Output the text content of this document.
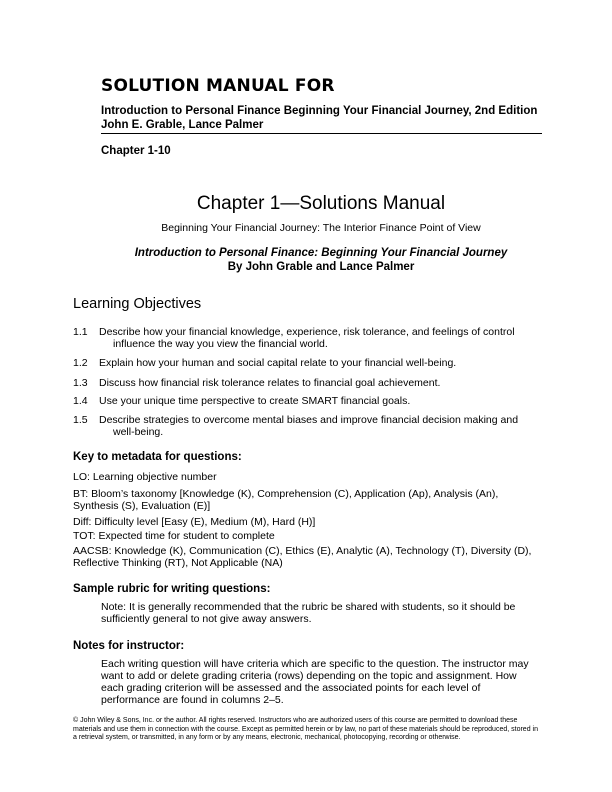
SOLUTION MANUAL FOR
Introduction to Personal Finance Beginning Your Financial Journey, 2nd Edition John E. Grable, Lance Palmer
Chapter 1-10
Chapter 1—Solutions Manual
Beginning Your Financial Journey: The Interior Finance Point of View
Introduction to Personal Finance: Beginning Your Financial Journey
By John Grable and Lance Palmer
Learning Objectives
1.1 Describe how your financial knowledge, experience, risk tolerance, and feelings of control
influence the way you view the financial world.
1.2 Explain how your human and social capital relate to your financial well-being.
1.3 Discuss how financial risk tolerance relates to financial goal achievement.
1.4 Use your unique time perspective to create SMART financial goals.
1.5 Describe strategies to overcome mental biases and improve financial decision making and
well-being.
Key to metadata for questions:
LO: Learning objective number
BT: Bloom’s taxonomy [Knowledge (K), Comprehension (C), Application (Ap), Analysis (An), Synthesis (S), Evaluation (E)]
Diff: Difficulty level [Easy (E), Medium (M), Hard (H)]
TOT: Expected time for student to complete
AACSB: Knowledge (K), Communication (C), Ethics (E), Analytic (A), Technology (T), Diversity (D), Reflective Thinking (RT), Not Applicable (NA)
Sample rubric for writing questions:
Note: It is generally recommended that the rubric be shared with students, so it should be sufficiently general to not give away answers.
Notes for instructor:
Each writing question will have criteria which are specific to the question. The instructor may want to add or delete grading criteria (rows) depending on the topic and assignment. How each grading criterion will be assessed and the associated points for each level of performance are found in columns 2–5.
© John Wiley & Sons, Inc. or the author. All rights reserved. Instructors who are authorized users of this course are permitted to download these materials and use them in connection with the course. Except as permitted herein or by law, no part of these materials should be reproduced, stored in a retrieval system, or transmitted, in any form or by any means, electronic, mechanical, photocopying, recording or otherwise.
